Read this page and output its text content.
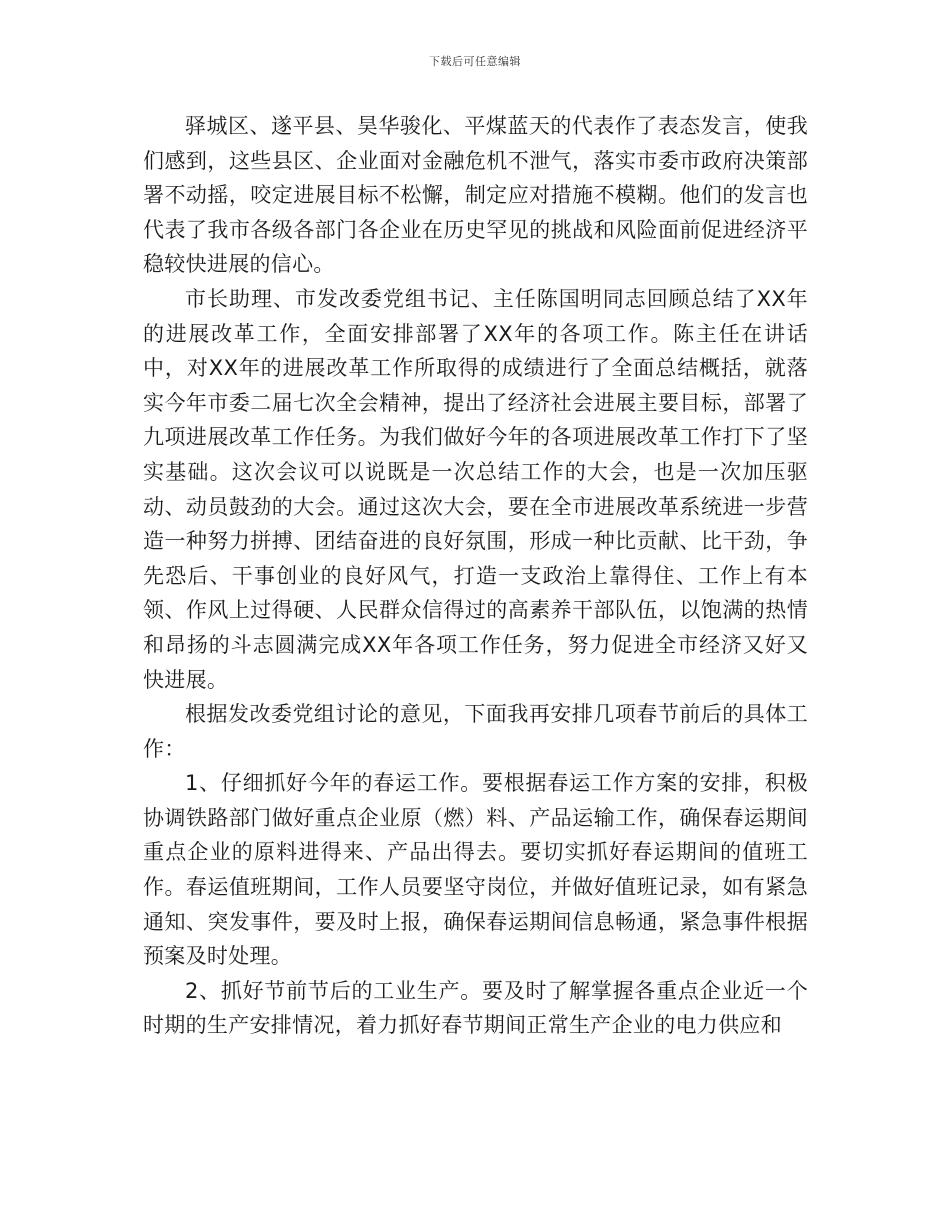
下载后可任意编辑

驿城区、遂平县、昊华骏化、平煤蓝天的代表作了表态发言，使我们感到，这些县区、企业面对金融危机不泄气，落实市委市政府决策部署不动摇，咬定进展目标不松懈，制定应对措施不模糊。他们的发言也代表了我市各级各部门各企业在历史罕见的挑战和风险面前促进经济平稳较快进展的信心。

市长助理、市发改委党组书记、主任陈国明同志回顾总结了XX年的进展改革工作，全面安排部署了XX年的各项工作。陈主任在讲话中，对XX年的进展改革工作所取得的成绩进行了全面总结概括，就落实今年市委二届七次全会精神，提出了经济社会进展主要目标，部署了九项进展改革工作任务。为我们做好今年的各项进展改革工作打下了坚实基础。这次会议可以说既是一次总结工作的大会，也是一次加压驱动、动员鼓劲的大会。通过这次大会，要在全市进展改革系统进一步营造一种努力拼搏、团结奋进的良好氛围，形成一种比贡献、比干劲，争先恐后、干事创业的良好风气，打造一支政治上靠得住、工作上有本领、作风上过得硬、人民群众信得过的高素养干部队伍，以饱满的热情和昂扬的斗志圆满完成XX年各项工作任务，努力促进全市经济又好又快进展。

根据发改委党组讨论的意见，下面我再安排几项春节前后的具体工作：

1、仔细抓好今年的春运工作。要根据春运工作方案的安排，积极协调铁路部门做好重点企业原（燃）料、产品运输工作，确保春运期间重点企业的原料进得来、产品出得去。要切实抓好春运期间的值班工作。春运值班期间，工作人员要坚守岗位，并做好值班记录，如有紧急通知、突发事件，要及时上报，确保春运期间信息畅通，紧急事件根据预案及时处理。

2、抓好节前节后的工业生产。要及时了解掌握各重点企业近一个时期的生产安排情况，着力抓好春节期间正常生产企业的电力供应和
